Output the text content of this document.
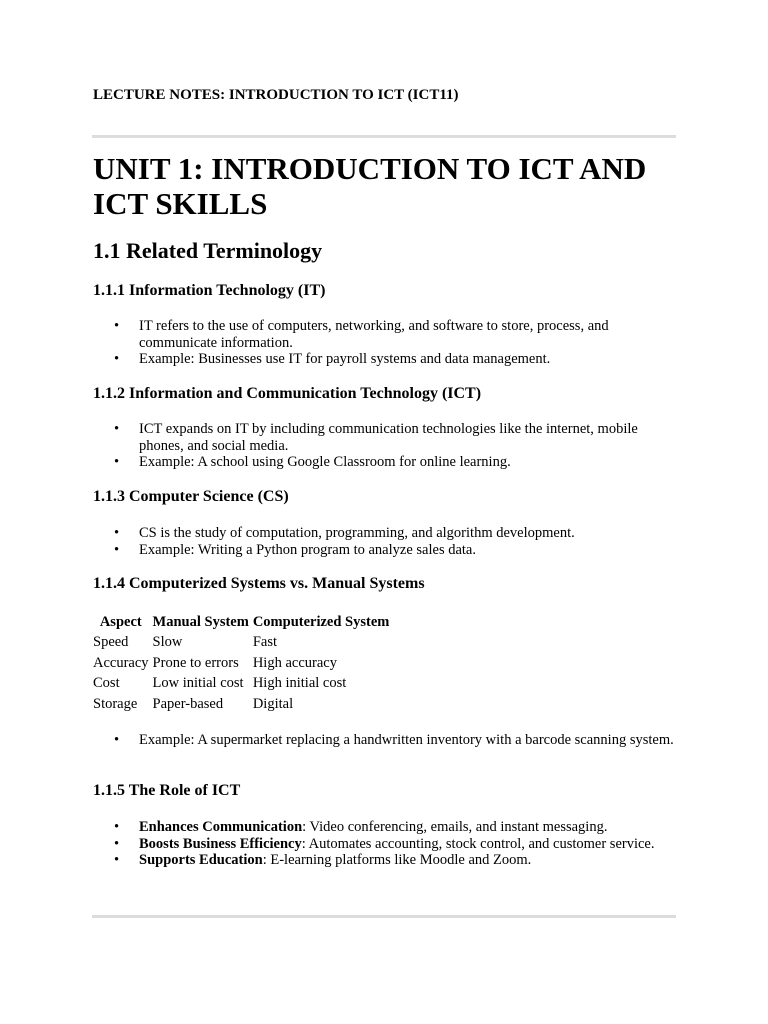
LECTURE NOTES: INTRODUCTION TO ICT (ICT11)

UNIT 1: INTRODUCTION TO ICT AND ICT SKILLS
1.1 Related Terminology
1.1.1 Information Technology (IT)
• IT refers to the use of computers, networking, and software to store, process, and communicate information.
• Example: Businesses use IT for payroll systems and data management.
1.1.2 Information and Communication Technology (ICT)
• ICT expands on IT by including communication technologies like the internet, mobile phones, and social media.
• Example: A school using Google Classroom for online learning.
1.1.3 Computer Science (CS)
• CS is the study of computation, programming, and algorithm development.
• Example: Writing a Python program to analyze sales data.
1.1.4 Computerized Systems vs. Manual Systems
Aspect	Manual System	Computerized System
Speed	Slow	Fast
Accuracy	Prone to errors	High accuracy
Cost	Low initial cost	High initial cost
Storage	Paper-based	Digital
• Example: A supermarket replacing a handwritten inventory with a barcode scanning system.
1.1.5 The Role of ICT
• Enhances Communication: Video conferencing, emails, and instant messaging.
• Boosts Business Efficiency: Automates accounting, stock control, and customer service.
• Supports Education: E-learning platforms like Moodle and Zoom.
